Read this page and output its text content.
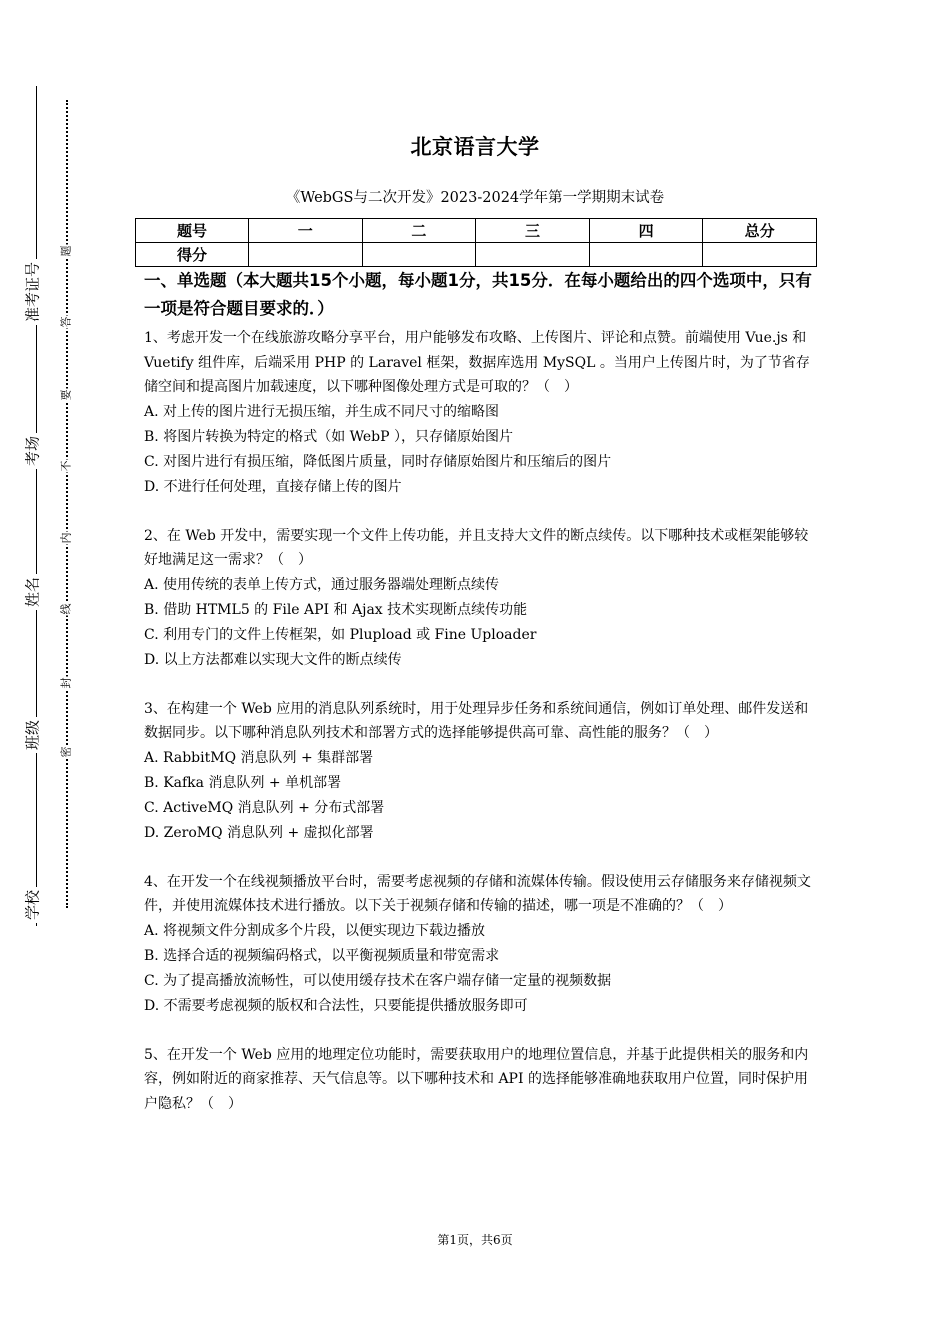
学校
班级
姓名
考场
准考证号
密
封
线
内
不
要
答
题
北京语言大学
《WebGS与二次开发》2023-2024学年第一学期期末试卷
题号	一	二	三	四	总分
得分					

一、单选题（本大题共15个小题，每小题1分，共15分．在每小题给出的四个选项中，只有一项是符合题目要求的．）

1、考虑开发一个在线旅游攻略分享平台，用户能够发布攻略、上传图片、评论和点赞。前端使用 Vue.js 和 Vuetify 组件库，后端采用 PHP 的 Laravel 框架，数据库选用 MySQL 。当用户上传图片时，为了节省存储空间和提高图片加载速度，以下哪种图像处理方式是可取的？（　）

A. 对上传的图片进行无损压缩，并生成不同尺寸的缩略图

B. 将图片转换为特定的格式（如 WebP ），只存储原始图片

C. 对图片进行有损压缩，降低图片质量，同时存储原始图片和压缩后的图片

D. 不进行任何处理，直接存储上传的图片

2、在 Web 开发中，需要实现一个文件上传功能，并且支持大文件的断点续传。以下哪种技术或框架能够较好地满足这一需求？（　）

A. 使用传统的表单上传方式，通过服务器端处理断点续传

B. 借助 HTML5 的 File API 和 Ajax 技术实现断点续传功能

C. 利用专门的文件上传框架，如 Plupload 或 Fine Uploader

D. 以上方法都难以实现大文件的断点续传

3、在构建一个 Web 应用的消息队列系统时，用于处理异步任务和系统间通信，例如订单处理、邮件发送和数据同步。以下哪种消息队列技术和部署方式的选择能够提供高可靠、高性能的服务？（　）

A. RabbitMQ 消息队列 + 集群部署

B. Kafka 消息队列 + 单机部署

C. ActiveMQ 消息队列 + 分布式部署

D. ZeroMQ 消息队列 + 虚拟化部署

4、在开发一个在线视频播放平台时，需要考虑视频的存储和流媒体传输。假设使用云存储服务来存储视频文件，并使用流媒体技术进行播放。以下关于视频存储和传输的描述，哪一项是不准确的？（　）

A. 将视频文件分割成多个片段，以便实现边下载边播放

B. 选择合适的视频编码格式，以平衡视频质量和带宽需求

C. 为了提高播放流畅性，可以使用缓存技术在客户端存储一定量的视频数据

D. 不需要考虑视频的版权和合法性，只要能提供播放服务即可

5、在开发一个 Web 应用的地理定位功能时，需要获取用户的地理位置信息，并基于此提供相关的服务和内容，例如附近的商家推荐、天气信息等。以下哪种技术和 API 的选择能够准确地获取用户位置，同时保护用户隐私？（　）

第1页，共6页
